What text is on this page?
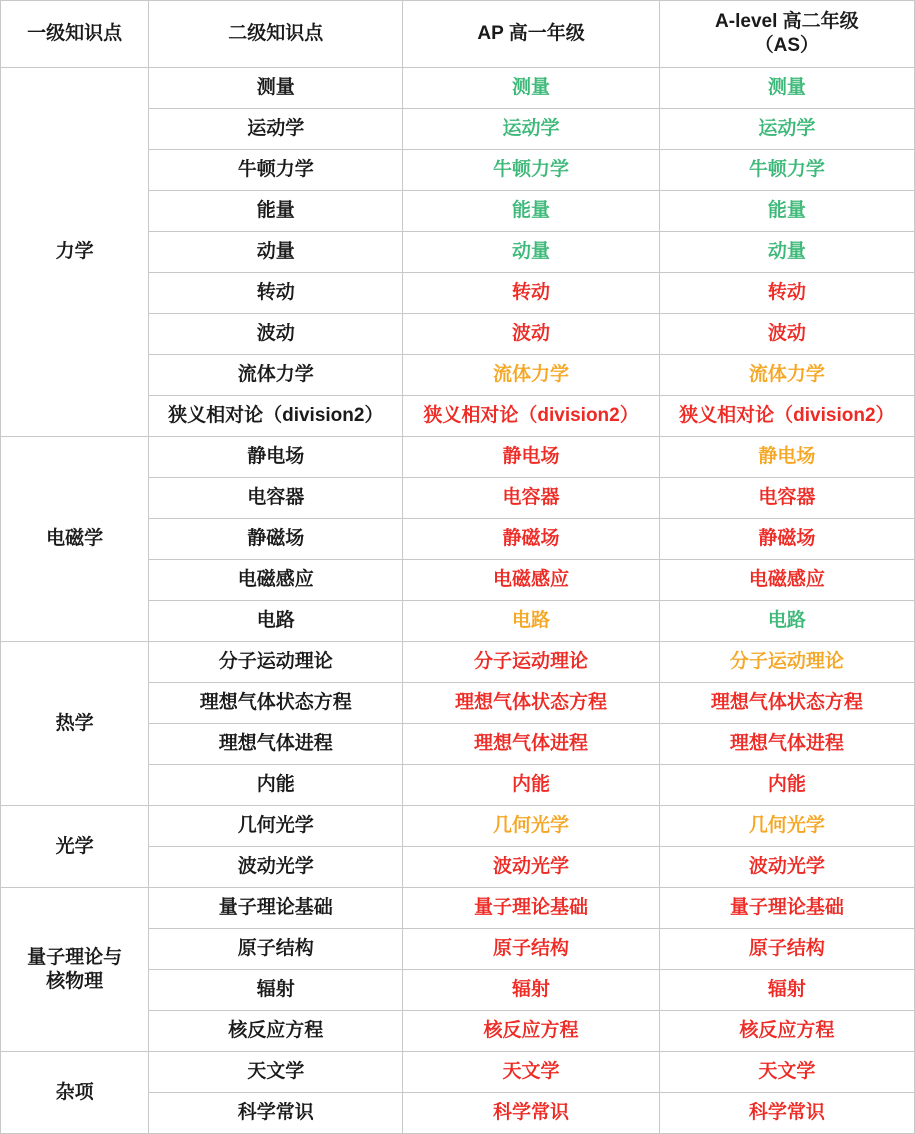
一级知识点	二级知识点	AP 高一年级	A-level 高二年级
（AS）

力学	测量	测量	测量
	运动学	运动学	运动学
	牛顿力学	牛顿力学	牛顿力学
	能量	能量	能量
	动量	动量	动量
	转动	转动	转动
	波动	波动	波动
	流体力学	流体力学	流体力学
	狭义相对论（division2）	狭义相对论（division2）	狭义相对论（division2）
电磁学	静电场	静电场	静电场
	电容器	电容器	电容器
	静磁场	静磁场	静磁场
	电磁感应	电磁感应	电磁感应
	电路	电路	电路
热学	分子运动理论	分子运动理论	分子运动理论
	理想气体状态方程	理想气体状态方程	理想气体状态方程
	理想气体进程	理想气体进程	理想气体进程
	内能	内能	内能
光学	几何光学	几何光学	几何光学
	波动光学	波动光学	波动光学

量子理论与
核物理	量子理论基础	量子理论基础	量子理论基础
	原子结构	原子结构	原子结构
	辐射	辐射	辐射
	核反应方程	核反应方程	核反应方程
杂项	天文学	天文学	天文学
	科学常识	科学常识	科学常识
